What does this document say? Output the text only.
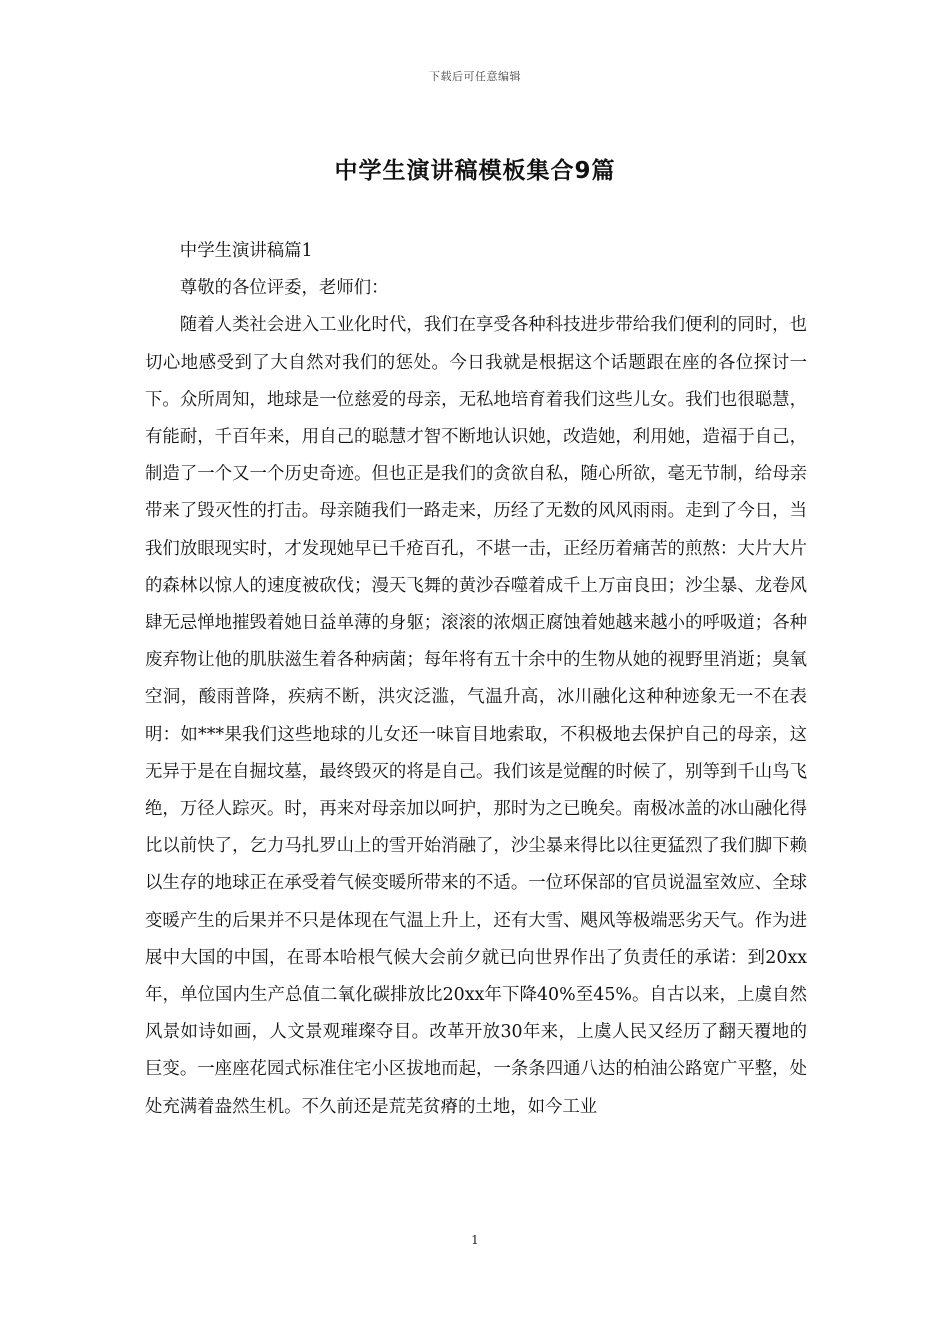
下载后可任意编辑
中学生演讲稿模板集合9篇

中学生演讲稿篇1

尊敬的各位评委，老师们：

随着人类社会进入工业化时代，我们在享受各种科技进步带给我们便利的同时，也切心地感受到了大自然对我们的惩处。今日我就是根据这个话题跟在座的各位探讨一下。众所周知，地球是一位慈爱的母亲，无私地培育着我们这些儿女。我们也很聪慧，有能耐，千百年来，用自己的聪慧才智不断地认识她，改造她，利用她，造福于自己，制造了一个又一个历史奇迹。但也正是我们的贪欲自私，随心所欲，毫无节制，给母亲带来了毁灭性的打击。母亲随我们一路走来，历经了无数的风风雨雨。走到了今日，当我们放眼现实时，才发现她早已千疮百孔，不堪一击，正经历着痛苦的煎熬：大片大片的森林以惊人的速度被砍伐；漫天飞舞的黄沙吞噬着成千上万亩良田；沙尘暴、龙卷风肆无忌惮地摧毁着她日益单薄的身躯；滚滚的浓烟正腐蚀着她越来越小的呼吸道；各种废弃物让他的肌肤滋生着各种病菌；每年将有五十余中的生物从她的视野里消逝；臭氧空洞，酸雨普降，疾病不断，洪灾泛滥，气温升高，冰川融化这种种迹象无一不在表明：如***果我们这些地球的儿女还一味盲目地索取，不积极地去保护自己的母亲，这无异于是在自掘坟墓，最终毁灭的将是自己。我们该是觉醒的时候了，别等到千山鸟飞绝，万径人踪灭。时，再来对母亲加以呵护，那时为之已晚矣。南极冰盖的冰山融化得比以前快了，乞力马扎罗山上的雪开始消融了，沙尘暴来得比以往更猛烈了我们脚下赖以生存的地球正在承受着气候变暖所带来的不适。一位环保部的官员说温室效应、全球变暖产生的后果并不只是体现在气温上升上，还有大雪、飓风等极端恶劣天气。作为进展中大国的中国，在哥本哈根气候大会前夕就已向世界作出了负责任的承诺：到20xx年，单位国内生产总值二氧化碳排放比20xx年下降40%至45%。自古以来，上虞自然风景如诗如画，人文景观璀璨夺目。改革开放30年来，上虞人民又经历了翻天覆地的巨变。一座座花园式标准住宅小区拔地而起，一条条四通八达的柏油公路宽广平整，处处充满着盎然生机。不久前还是荒芜贫瘠的土地，如今工业

1
